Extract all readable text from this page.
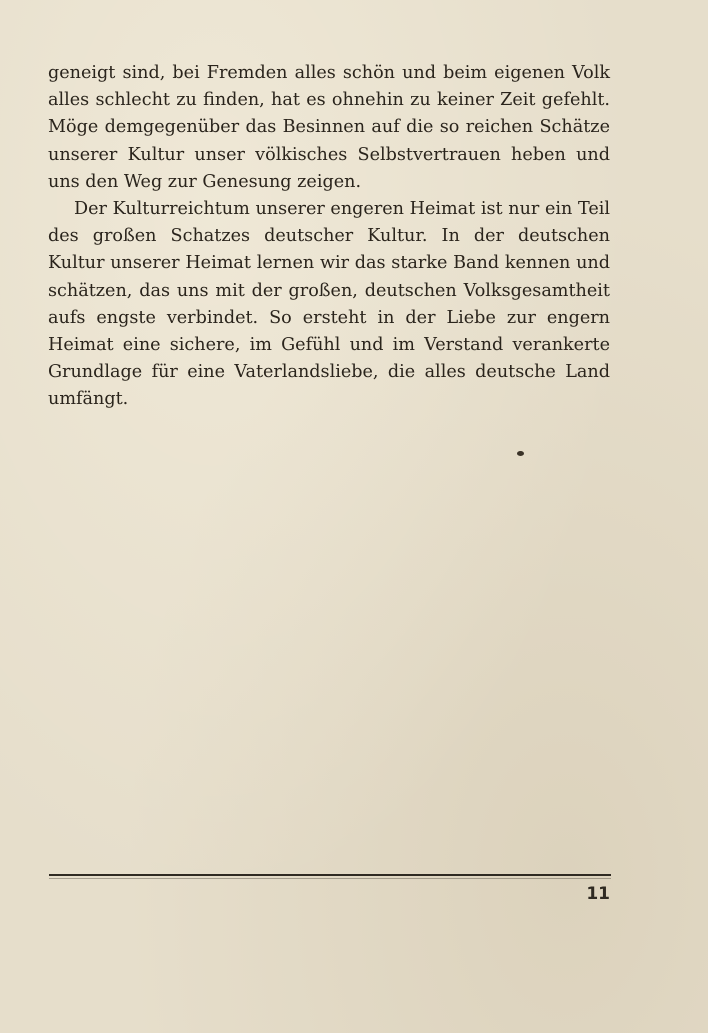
geneigt sind, bei Fremden alles schön und beim eigenen Volk alles schlecht zu finden, hat es ohnehin zu keiner Zeit gefehlt. Möge demgegenüber das Besinnen auf die so reichen Schätze unserer Kultur unser völkisches Selbstvertrauen heben und uns den Weg zur Genesung zeigen.

Der Kulturreichtum unserer engeren Heimat ist nur ein Teil des großen Schatzes deutscher Kultur. In der deutschen Kultur unserer Heimat lernen wir das starke Band kennen und schätzen, das uns mit der großen, deutschen Volksgesamtheit aufs engste verbindet. So ersteht in der Liebe zur engern Heimat eine sichere, im Gefühl und im Verstand verankerte Grundlage für eine Vaterlandsliebe, die alles deutsche Land umfängt.

11
